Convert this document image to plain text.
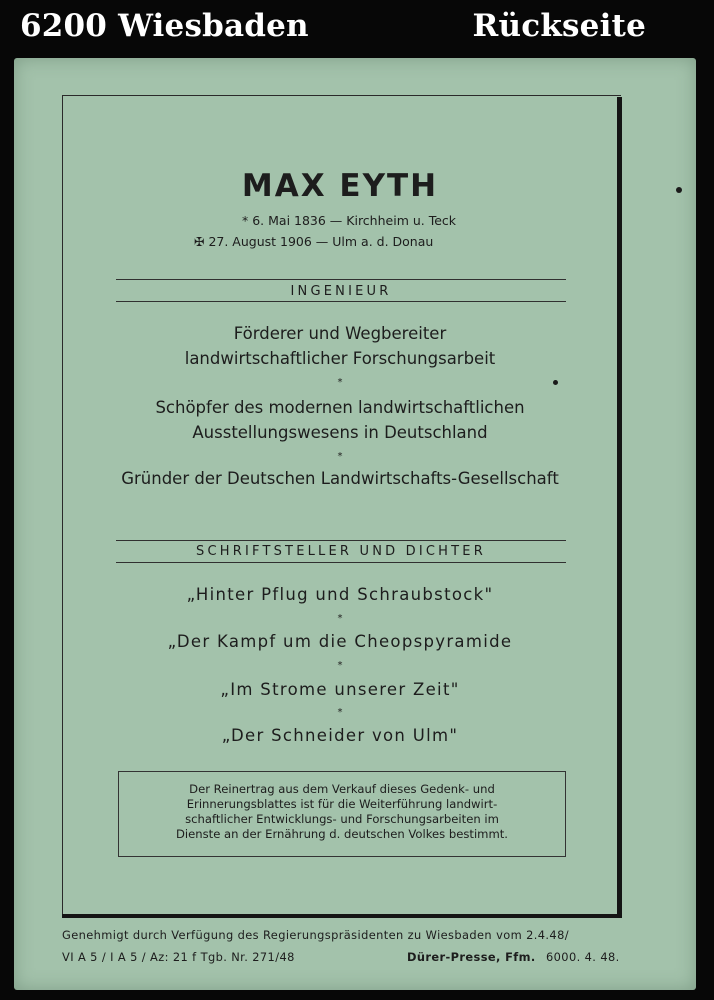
6200 Wiesbaden	Rückseite
MAX EYTH
* 6. Mai 1836 — Kirchheim u. Teck
✠ 27. August 1906 — Ulm a. d. Donau
INGENIEUR
Förderer und Wegbereiter
landwirtschaftlicher Forschungsarbeit
*
Schöpfer des modernen landwirtschaftlichen
Ausstellungswesens in Deutschland
*
Gründer der Deutschen Landwirtschafts-Gesellschaft
SCHRIFTSTELLER UND DICHTER
„Hinter Pflug und Schraubstock"
*
„Der Kampf um die Cheopspyramide
*
„Im Strome unserer Zeit"
*
„Der Schneider von Ulm"
Der Reinertrag aus dem Verkauf dieses Gedenk- und
Erinnerungsblattes ist für die Weiterführung landwirt-
schaftlicher Entwicklungs- und Forschungsarbeiten im
Dienste an der Ernährung d. deutschen Volkes bestimmt.
Genehmigt durch Verfügung des Regierungspräsidenten zu Wiesbaden vom 2.4.48/
VI A 5 / I A 5 / Az: 21 f Tgb. Nr. 271/48	Dürer-Presse, Ffm. 6000. 4. 48.
